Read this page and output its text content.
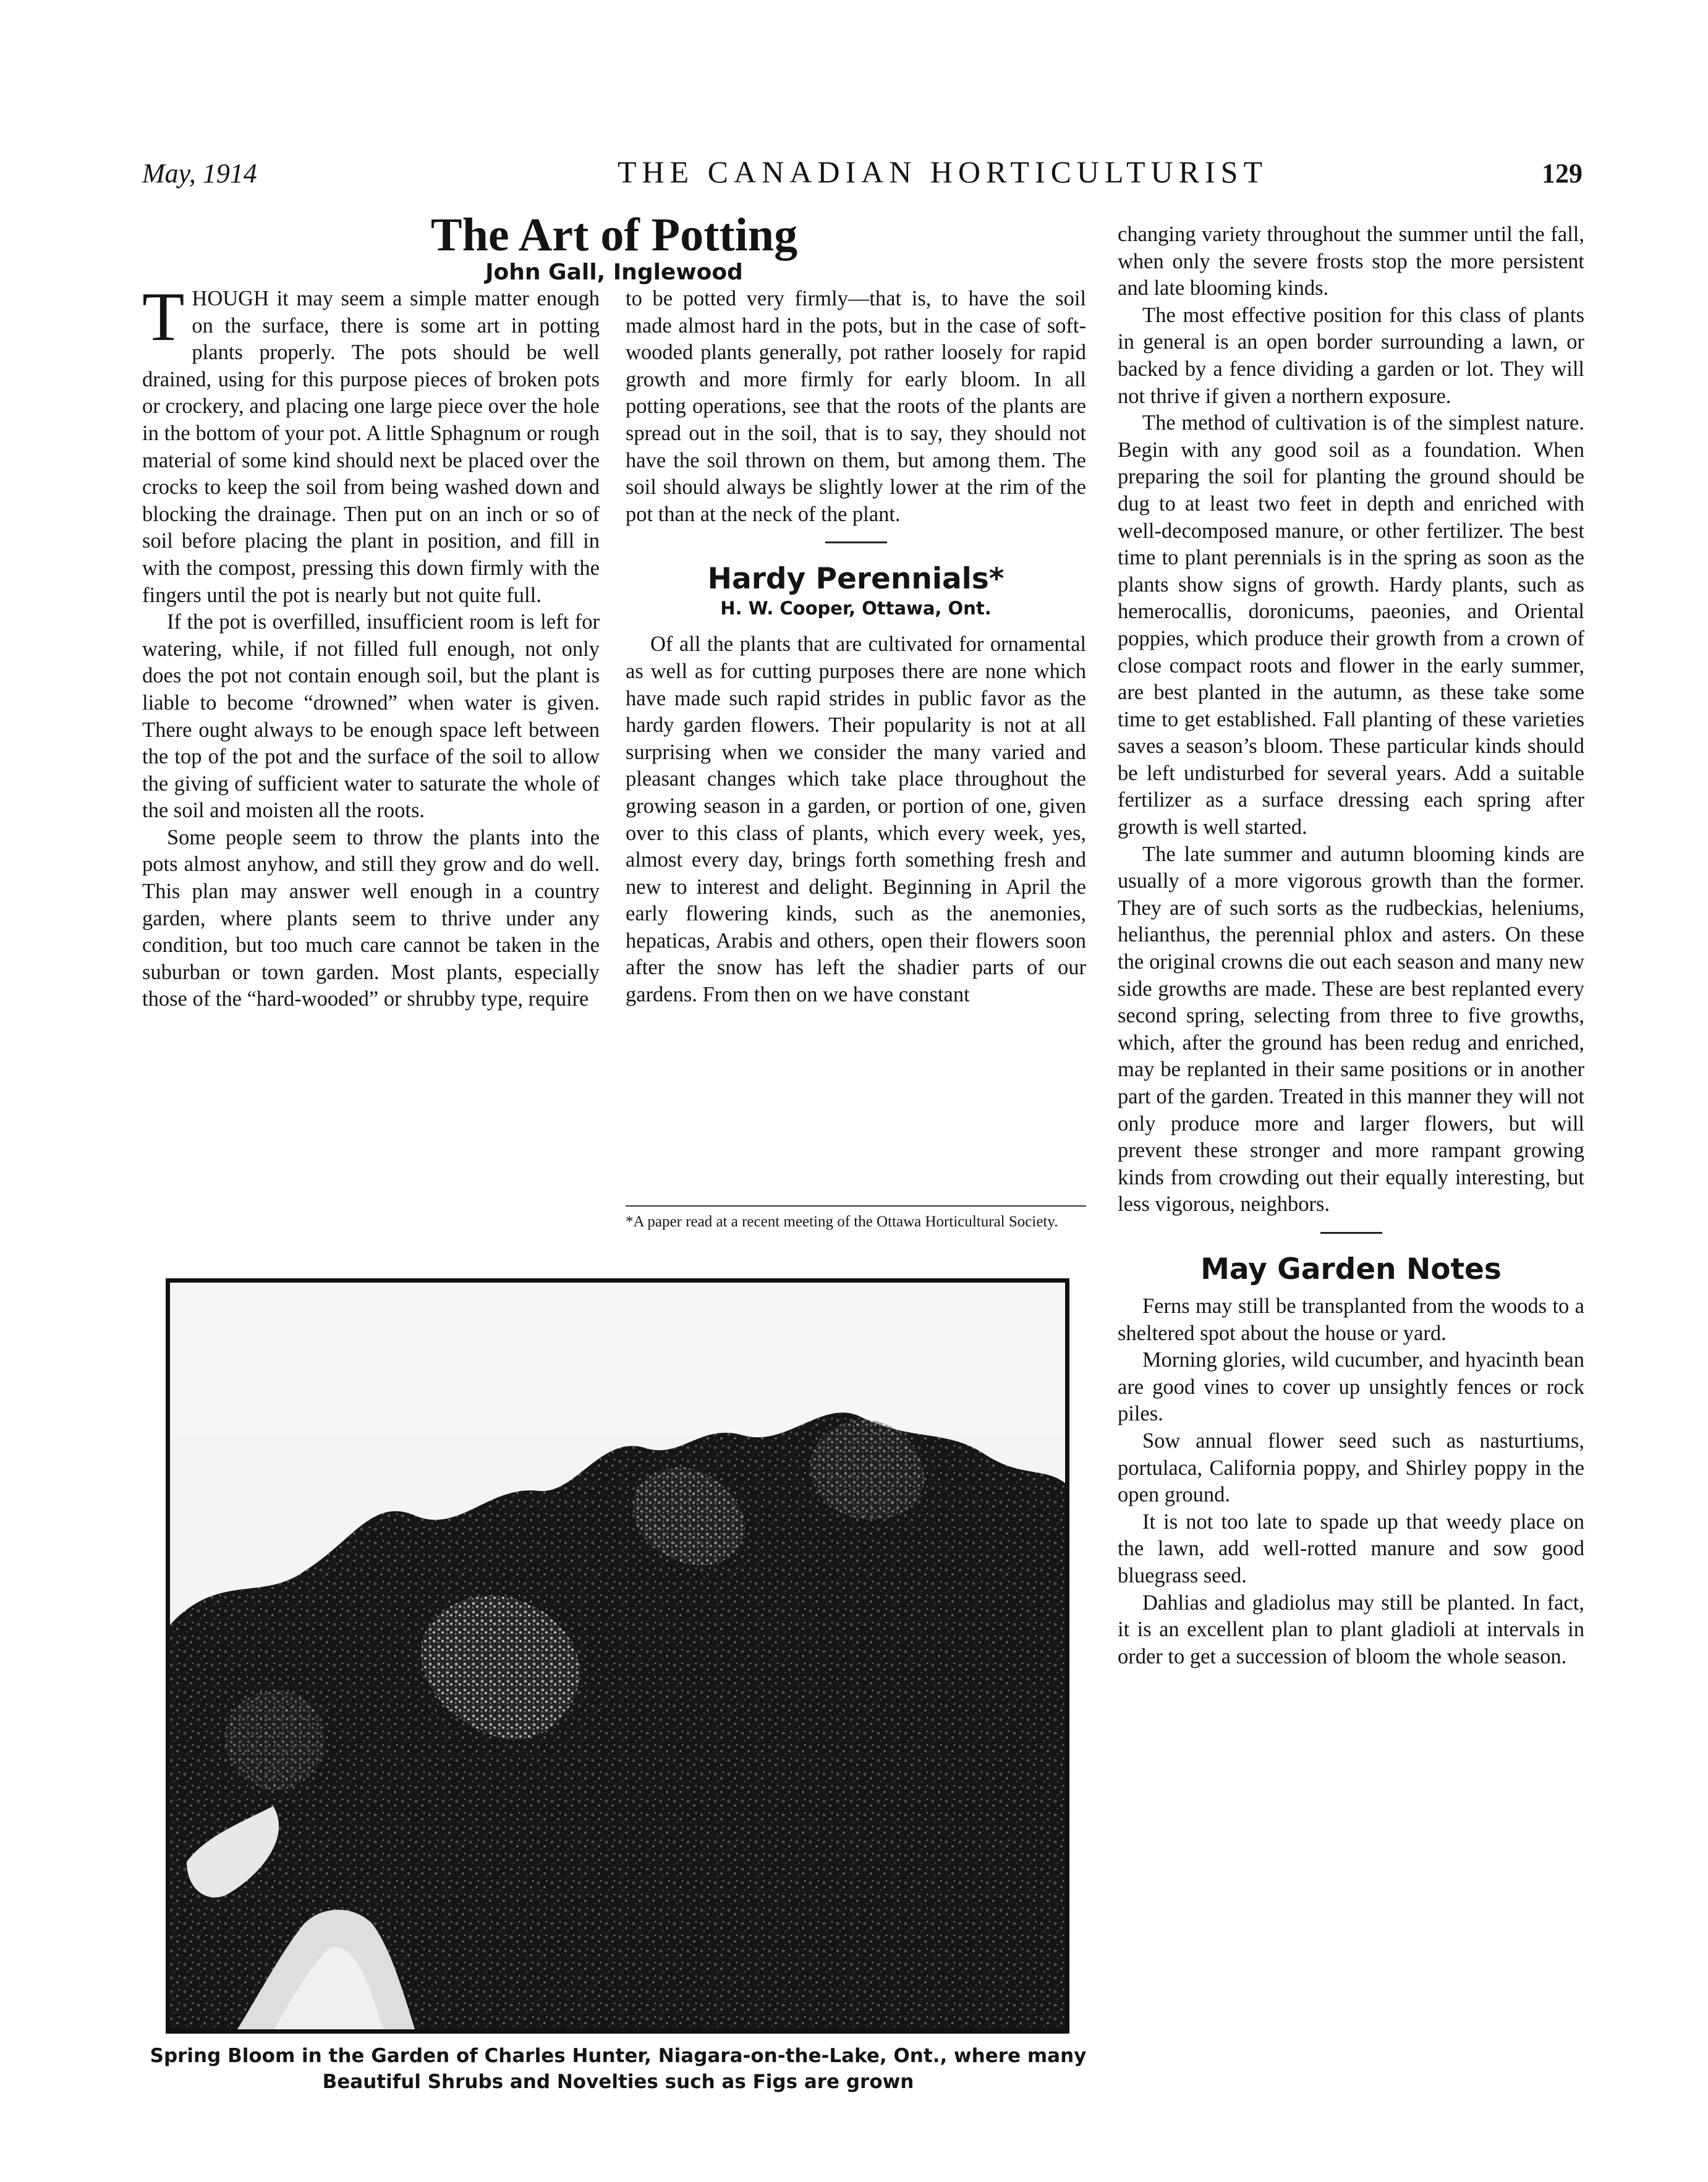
May, 1914	THE CANADIAN HORTICULTURIST	129
The Art of Potting
John Gall, Inglewood

THOUGH it may seem a simple matter enough on the surface, there is some art in potting plants properly. The pots should be well drained, using for this purpose pieces of broken pots or crockery, and placing one large piece over the hole in the bottom of your pot. A little Sphagnum or rough material of some kind should next be placed over the crocks to keep the soil from being washed down and blocking the drainage. Then put on an inch or so of soil before placing the plant in position, and fill in with the compost, pressing this down firmly with the fingers until the pot is nearly but not quite full.

If the pot is overfilled, insufficient room is left for watering, while, if not filled full enough, not only does the pot not contain enough soil, but the plant is liable to become “drowned” when water is given. There ought always to be enough space left between the top of the pot and the surface of the soil to allow the giving of sufficient water to saturate the whole of the soil and moisten all the roots.

Some people seem to throw the plants into the pots almost anyhow, and still they grow and do well. This plan may answer well enough in a country garden, where plants seem to thrive under any condition, but too much care cannot be taken in the suburban or town garden. Most plants, especially those of the “hard-wooded” or shrubby type, require

to be potted very firmly—that is, to have the soil made almost hard in the pots, but in the case of soft-wooded plants generally, pot rather loosely for rapid growth and more firmly for early bloom. In all potting operations, see that the roots of the plants are spread out in the soil, that is to say, they should not have the soil thrown on them, but among them. The soil should always be slightly lower at the rim of the pot than at the neck of the plant.

Hardy Perennials*
H. W. Cooper, Ottawa, Ont.

Of all the plants that are cultivated for ornamental as well as for cutting purposes there are none which have made such rapid strides in public favor as the hardy garden flowers. Their popularity is not at all surprising when we consider the many varied and pleasant changes which take place throughout the growing season in a garden, or portion of one, given over to this class of plants, which every week, yes, almost every day, brings forth something fresh and new to interest and delight. Beginning in April the early flowering kinds, such as the anemonies, hepaticas, Arabis and others, open their flowers soon after the snow has left the shadier parts of our gardens. From then on we have constant

*A paper read at a recent meeting of the Ottawa Horticultural Society.

changing variety throughout the summer until the fall, when only the severe frosts stop the more persistent and late blooming kinds.

The most effective position for this class of plants in general is an open border surrounding a lawn, or backed by a fence dividing a garden or lot. They will not thrive if given a northern exposure.

The method of cultivation is of the simplest nature. Begin with any good soil as a foundation. When preparing the soil for planting the ground should be dug to at least two feet in depth and enriched with well-decomposed manure, or other fertilizer. The best time to plant perennials is in the spring as soon as the plants show signs of growth. Hardy plants, such as hemerocallis, doronicums, paeonies, and Oriental poppies, which produce their growth from a crown of close compact roots and flower in the early summer, are best planted in the autumn, as these take some time to get established. Fall planting of these varieties saves a season’s bloom. These particular kinds should be left undisturbed for several years. Add a suitable fertilizer as a surface dressing each spring after growth is well started.

The late summer and autumn blooming kinds are usually of a more vigorous growth than the former. They are of such sorts as the rudbeckias, heleniums, helianthus, the perennial phlox and asters. On these the original crowns die out each season and many new side growths are made. These are best replanted every second spring, selecting from three to five growths, which, after the ground has been redug and enriched, may be replanted in their same positions or in another part of the garden. Treated in this manner they will not only produce more and larger flowers, but will prevent these stronger and more rampant growing kinds from crowding out their equally interesting, but less vigorous, neighbors.

May Garden Notes

Ferns may still be transplanted from the woods to a sheltered spot about the house or yard.

Morning glories, wild cucumber, and hyacinth bean are good vines to cover up unsightly fences or rock piles.

Sow annual flower seed such as nasturtiums, portulaca, California poppy, and Shirley poppy in the open ground.

It is not too late to spade up that weedy place on the lawn, add well-rotted manure and sow good bluegrass seed.

Dahlias and gladiolus may still be planted. In fact, it is an excellent plan to plant gladioli at intervals in order to get a succession of bloom the whole season.

Spring Bloom in the Garden of Charles Hunter, Niagara-on-the-Lake, Ont., where many
Beautiful Shrubs and Novelties such as Figs are grown
